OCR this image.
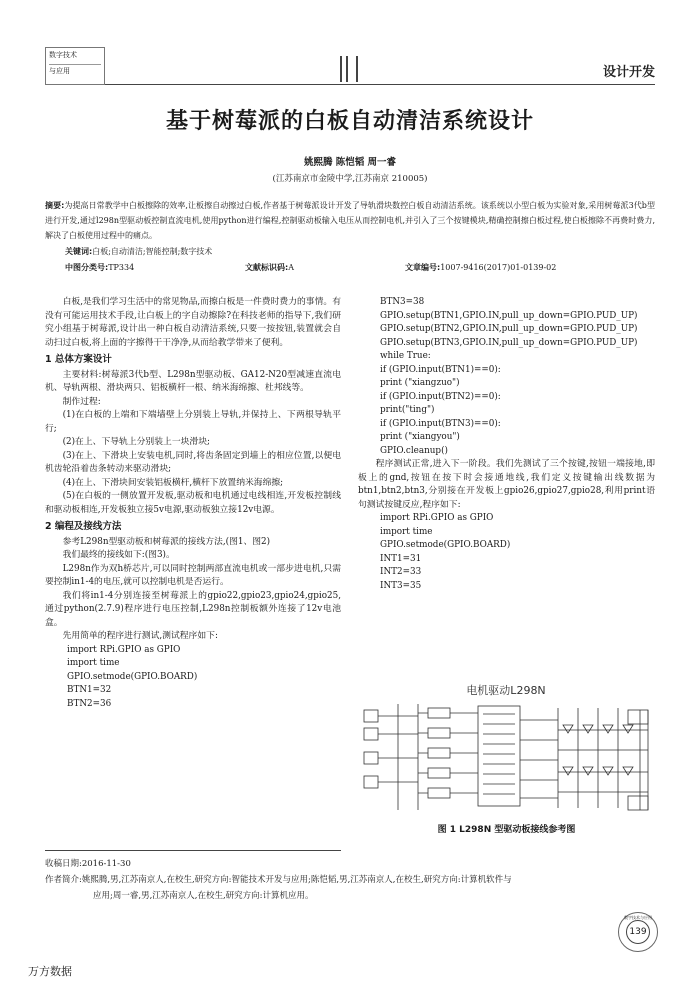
数字技术
与应用	设计开发
基于树莓派的白板自动清洁系统设计
姚熙腾 陈恺韬 周一睿
(江苏南京市金陵中学,江苏南京 210005)
摘要:为提高日常教学中白板擦除的效率,让板擦自动擦过白板,作者基于树莓派设计开发了导轨滑块数控白板自动清洁系统。该系统以小型白板为实验对象,采用树莓派3代b型进行开发,通过l298n型驱动板控制直流电机,使用python进行编程,控制驱动板输入电压从而控制电机,并引入了三个按键模块,精确控制擦白板过程,使白板擦除不再费时费力,解决了白板使用过程中的痛点。
关键词:白板;自动清洁;智能控制;数字技术
中图分类号:TP334	文献标识码:A	文章编号:1007-9416(2017)01-0139-02

白板,是我们学习生活中的常见物品,而擦白板是一件费时费力的事情。有没有可能运用技术手段,让白板上的字自动擦除?在科技老师的指导下,我们研究小组基于树莓派,设计出一种白板自动清洁系统,只要一按按钮,装置就会自动扫过白板,将上面的字擦得干干净净,从而给教学带来了便利。

1 总体方案设计

主要材料:树莓派3代b型、L298n型驱动板、GA12-N20型减速直流电机、导轨两根、滑块两只、铝板横杆一根、纳米海绵擦、杜邦线等。

制作过程:

(1)在白板的上端和下端墙壁上分别装上导轨,并保持上、下两根导轨平行;

(2)在上、下导轨上分别装上一块滑块;

(3)在上、下滑块上安装电机,同时,将齿条固定到墙上的相应位置,以便电机齿轮沿着齿条转动来驱动滑块;

(4)在上、下滑块间安装铝板横杆,横杆下放置纳米海绵擦;

(5)在白板的一侧放置开发板,驱动板和电机通过电线相连,开发板控制线和驱动板相连,开发板独立接5v电源,驱动板独立接12v电源。

2 编程及接线方法

参考L298n型驱动板和树莓派的接线方法,(图1、图2)

我们最终的接线如下:(图3)。

L298n作为双h桥芯片,可以同时控制两部直流电机或一部步进电机,只需要控制in1-4的电压,就可以控制电机是否运行。

我们将in1-4分别连接至树莓派上的gpio22,gpio23,gpio24,gpio25,通过python(2.7.9)程序进行电压控制,L298n控制板额外连接了12v电池盒。

先用简单的程序进行测试,测试程序如下:

import RPi.GPIO as GPIO

import time

GPIO.setmode(GPIO.BOARD)

BTN1=32

BTN2=36

BTN3=38

GPIO.setup(BTN1,GPIO.IN,pull_up_down=GPIO.PUD_UP)

GPIO.setup(BTN2,GPIO.IN,pull_up_down=GPIO.PUD_UP)

GPIO.setup(BTN3,GPIO.IN,pull_up_down=GPIO.PUD_UP)

while True:

if (GPIO.input(BTN1)==0):

print ("xiangzuo")

if (GPIO.input(BTN2)==0):

print("ting")

if (GPIO.input(BTN3)==0):

print ("xiangyou")

GPIO.cleanup()

程序测试正常,进入下一阶段。我们先测试了三个按键,按钮一端接地,即板上的gnd,按钮在按下时会接通地线,我们定义按键输出线数据为btn1,btn2,btn3,分别接在开发板上gpio26,gpio27,gpio28,利用print语句测试按键反应,程序如下:

import RPi.GPIO as GPIO

import time

GPIO.setmode(GPIO.BOARD)

INT1=31

INT2=33

INT3=35

电机驱动L298N
图 1 L298N 型驱动板接线参考图
收稿日期:2016-11-30
作者简介:姚熙腾,男,江苏南京人,在校生,研究方向:智能技术开发与应用;陈恺韬,男,江苏南京人,在校生,研究方向:计算机软件与
应用;周一睿,男,江苏南京人,在校生,研究方向:计算机应用。
数字技术与应用
139
万方数据
